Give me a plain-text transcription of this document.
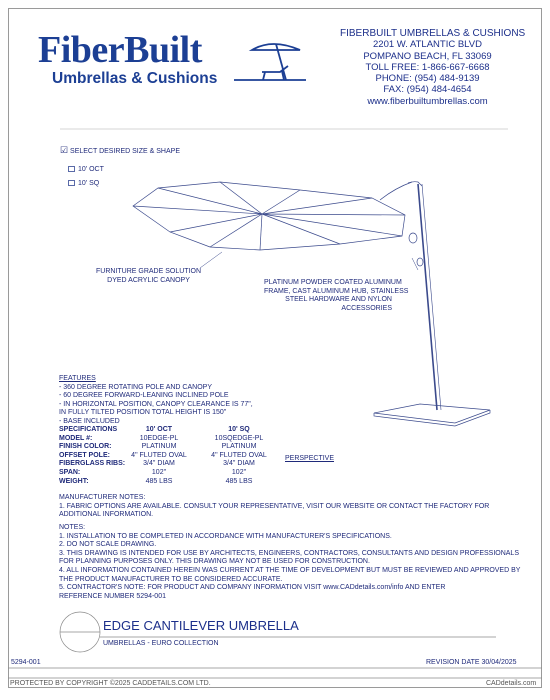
FiberBuilt
Umbrellas & Cushions
FIBERBUILT UMBRELLAS & CUSHIONS
2201 W. ATLANTIC BLVD
POMPANO BEACH, FL 33069
TOLL FREE: 1-866-667-6668
PHONE: (954) 484-9139
FAX: (954) 484-4654
www.fiberbuiltumbrellas.com
☑ SELECT DESIRED SIZE & SHAPE
10' OCT
10' SQ
FURNITURE GRADE SOLUTION
DYED ACRYLIC CANOPY	PLATINUM POWDER COATED ALUMINUM
FRAME, CAST ALUMINUM HUB, STAINLESS
STEEL HARDWARE AND NYLON
ACCESSORIES
PERSPECTIVE
FEATURES
- 360 DEGREE ROTATING POLE AND CANOPY
- 60 DEGREE FORWARD-LEANING INCLINED POLE
- IN HORIZONTAL POSITION, CANOPY CLEARANCE IS 77",
IN FULLY TILTED POSITION TOTAL HEIGHT IS 150"
- BASE INCLUDED
SPECIFICATIONS	10' OCT	10' SQ
MODEL #:	10EDGE-PL	10SQEDGE-PL
FINISH COLOR:	PLATINUM	PLATINUM
OFFSET POLE:	4" FLUTED OVAL	4" FLUTED OVAL
FIBERGLASS RIBS:	3/4" DIAM	3/4" DIAM
SPAN:	102"	102"
WEIGHT:	485 LBS	485 LBS
MANUFACTURER NOTES:
1. FABRIC OPTIONS ARE AVAILABLE. CONSULT YOUR REPRESENTATIVE, VISIT OUR WEBSITE OR CONTACT THE FACTORY FOR
ADDITIONAL INFORMATION.
NOTES:
1. INSTALLATION TO BE COMPLETED IN ACCORDANCE WITH MANUFACTURER'S SPECIFICATIONS.
2. DO NOT SCALE DRAWING.
3. THIS DRAWING IS INTENDED FOR USE BY ARCHITECTS, ENGINEERS, CONTRACTORS, CONSULTANTS AND DESIGN PROFESSIONALS
FOR PLANNING PURPOSES ONLY. THIS DRAWING MAY NOT BE USED FOR CONSTRUCTION.
4. ALL INFORMATION CONTAINED HEREIN WAS CURRENT AT THE TIME OF DEVELOPMENT BUT MUST BE REVIEWED AND APPROVED BY
THE PRODUCT MANUFACTURER TO BE CONSIDERED ACCURATE.
5. CONTRACTOR'S NOTE: FOR PRODUCT AND COMPANY INFORMATION VISIT www.CADdetails.com/info AND ENTER
REFERENCE NUMBER 5294-001
EDGE CANTILEVER UMBRELLA
UMBRELLAS - EURO COLLECTION
5294-001	REVISION DATE 30/04/2025
PROTECTED BY COPYRIGHT ©2025 CADDETAILS.COM LTD.	CADdetails.com
